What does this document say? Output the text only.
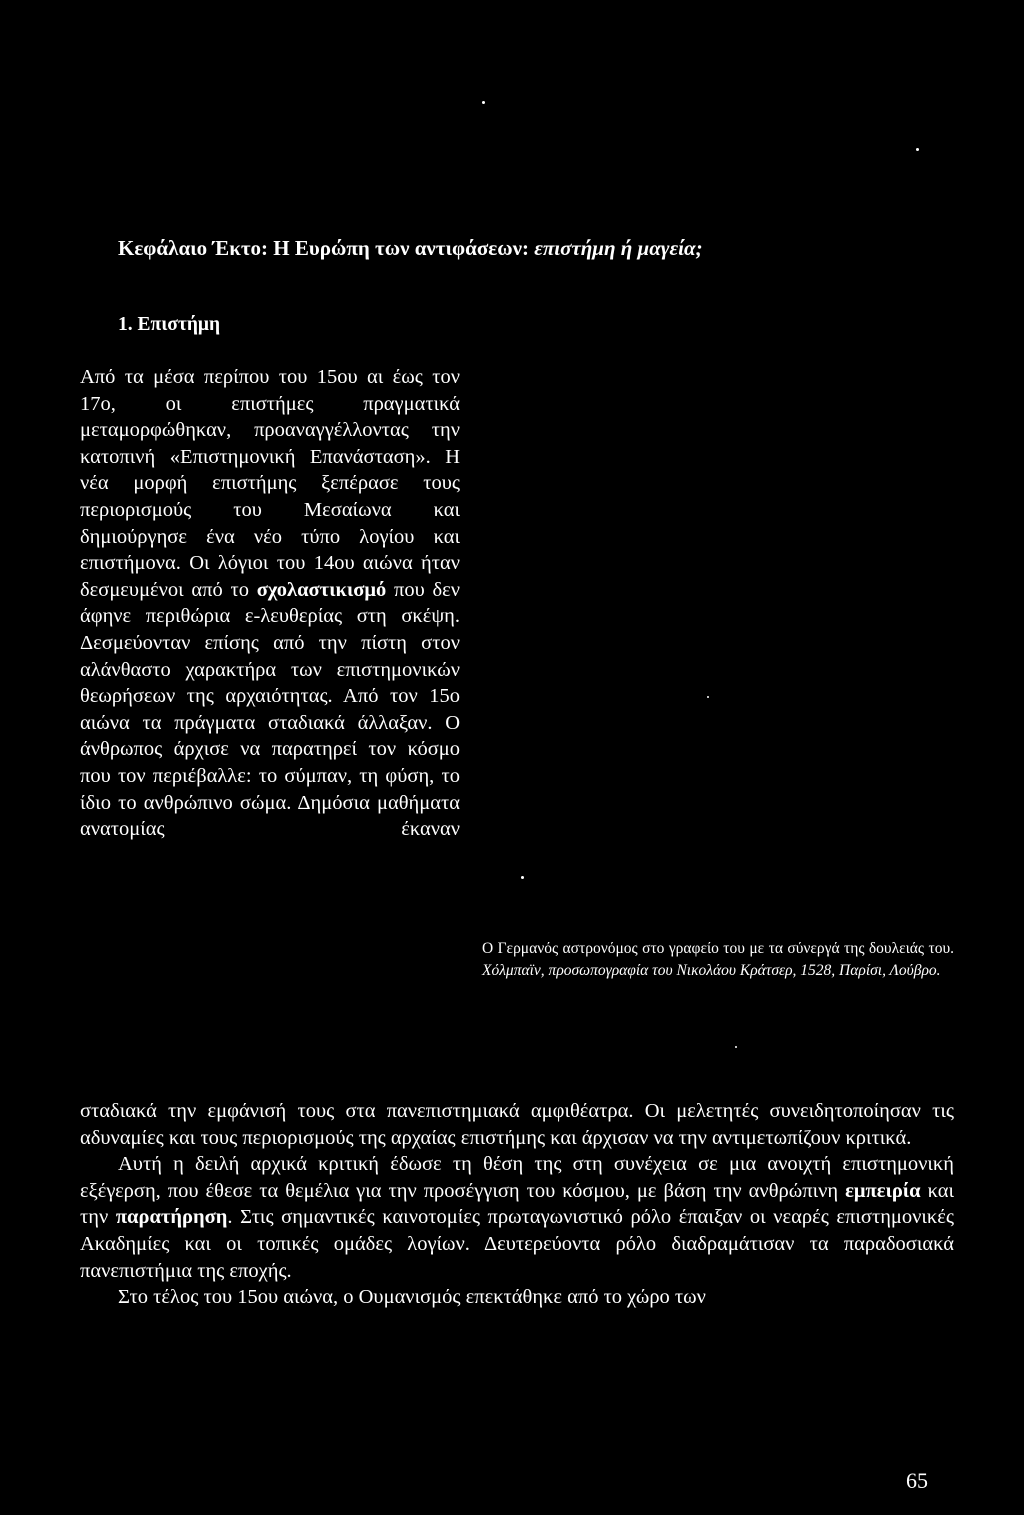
Κεφάλαιο Έκτο: Η Ευρώπη των αντιφάσεων: επιστήμη ή μαγεία;
1. Επιστήμη
Από τα μέσα περίπου του 15ου αι έως τον 17ο, οι επιστήμες πραγματικά μεταμορφώθηκαν, προαναγγέλλοντας την κατοπινή «Επιστημονική Επανάσταση». Η νέα μορφή επιστήμης ξεπέρασε τους περιορισμούς του Μεσαίωνα και δημιούργησε ένα νέο τύπο λογίου και επιστήμονα. Οι λόγιοι του 14ου αιώνα ήταν δεσμευμένοι από το σχολαστικισμό που δεν άφηνε περιθώρια ε-λευθερίας στη σκέψη. Δεσμεύονταν επίσης από την πίστη στον αλάνθαστο χαρακτήρα των επιστημονικών θεωρήσεων της αρχαιότητας. Από τον 15ο αιώνα τα πράγματα σταδιακά άλλαξαν. Ο άνθρωπος άρχισε να παρατηρεί τον κόσμο που τον περιέβαλλε: το σύμπαν, τη φύση, το ίδιο το ανθρώπινο σώμα. Δημόσια μαθήματα ανατομίας έκαναν
Ο Γερμανός αστρονόμος στο γραφείο του με τα σύνεργά της δουλειάς του. Χόλμπαϊν, προσωπογραφία του Νικολάου Κράτσερ, 1528, Παρίσι, Λούβρο.

σταδιακά την εμφάνισή τους στα πανεπιστημιακά αμφιθέατρα. Οι μελετητές συνειδητοποίησαν τις αδυναμίες και τους περιορισμούς της αρχαίας επιστήμης και άρχισαν να την αντιμετωπίζουν κριτικά.

Αυτή η δειλή αρχικά κριτική έδωσε τη θέση της στη συνέχεια σε μια ανοιχτή επιστημονική εξέγερση, που έθεσε τα θεμέλια για την προσέγγιση του κόσμου, με βάση την ανθρώπινη εμπειρία και την παρατήρηση. Στις σημαντικές καινοτομίες πρωταγωνιστικό ρόλο έπαιξαν οι νεαρές επιστημονικές Ακαδημίες και οι τοπικές ομάδες λογίων. Δευτερεύοντα ρόλο διαδραμάτισαν τα παραδοσιακά πανεπιστήμια της εποχής.

Στο τέλος του 15ου αιώνα, ο Ουμανισμός επεκτάθηκε από το χώρο των

65
